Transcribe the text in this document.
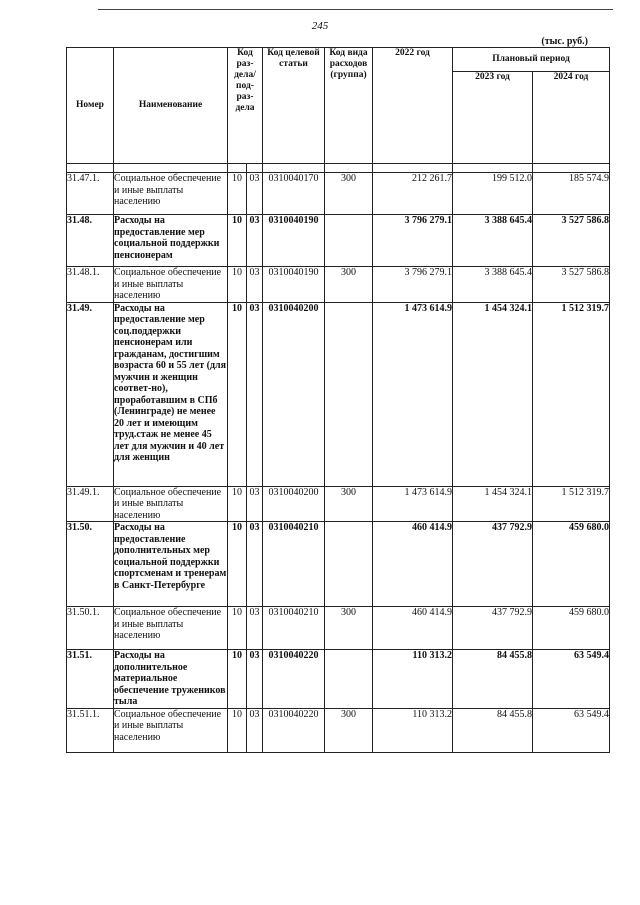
245
(тыс. руб.)
Номер	Наименование	Код раз-дела/ под-раз-дела		Код целевой статьи	Код вида расходов (группа)	2022 год	Плановый период	
							2023 год	2024 год

31.47.1.	Социальное обеспечение и иные выплаты населению	10	03	0310040170	300	212 261.7	199 512.0	185 574.9
31.48.	Расходы на предоставление мер социальной поддержки пенсионерам	10	03	0310040190		3 796 279.1	3 388 645.4	3 527 586.8
31.48.1.	Социальное обеспечение и иные выплаты населению	10	03	0310040190	300	3 796 279.1	3 388 645.4	3 527 586.8
31.49.	Расходы на предоставление мер соц.поддержки пенсионерам или гражданам, достигшим возраста 60 и 55 лет (для мужчин и женщин соответ-но), проработавшим в СПб (Ленинграде) не менее 20 лет и имеющим труд.стаж не менее 45 лет для мужчин и 40 лет для женщин	10	03	0310040200		1 473 614.9	1 454 324.1	1 512 319.7
31.49.1.	Социальное обеспечение и иные выплаты населению	10	03	0310040200	300	1 473 614.9	1 454 324.1	1 512 319.7
31.50.	Расходы на предоставление дополнительных мер социальной поддержки спортсменам и тренерам в Санкт-Петербурге	10	03	0310040210		460 414.9	437 792.9	459 680.0
31.50.1.	Социальное обеспечение и иные выплаты населению	10	03	0310040210	300	460 414.9	437 792.9	459 680.0
31.51.	Расходы на дополнительное материальное обеспечение тружеников тыла	10	03	0310040220		110 313.2	84 455.8	63 549.4
31.51.1.	Социальное обеспечение и иные выплаты населению	10	03	0310040220	300	110 313.2	84 455.8	63 549.4
